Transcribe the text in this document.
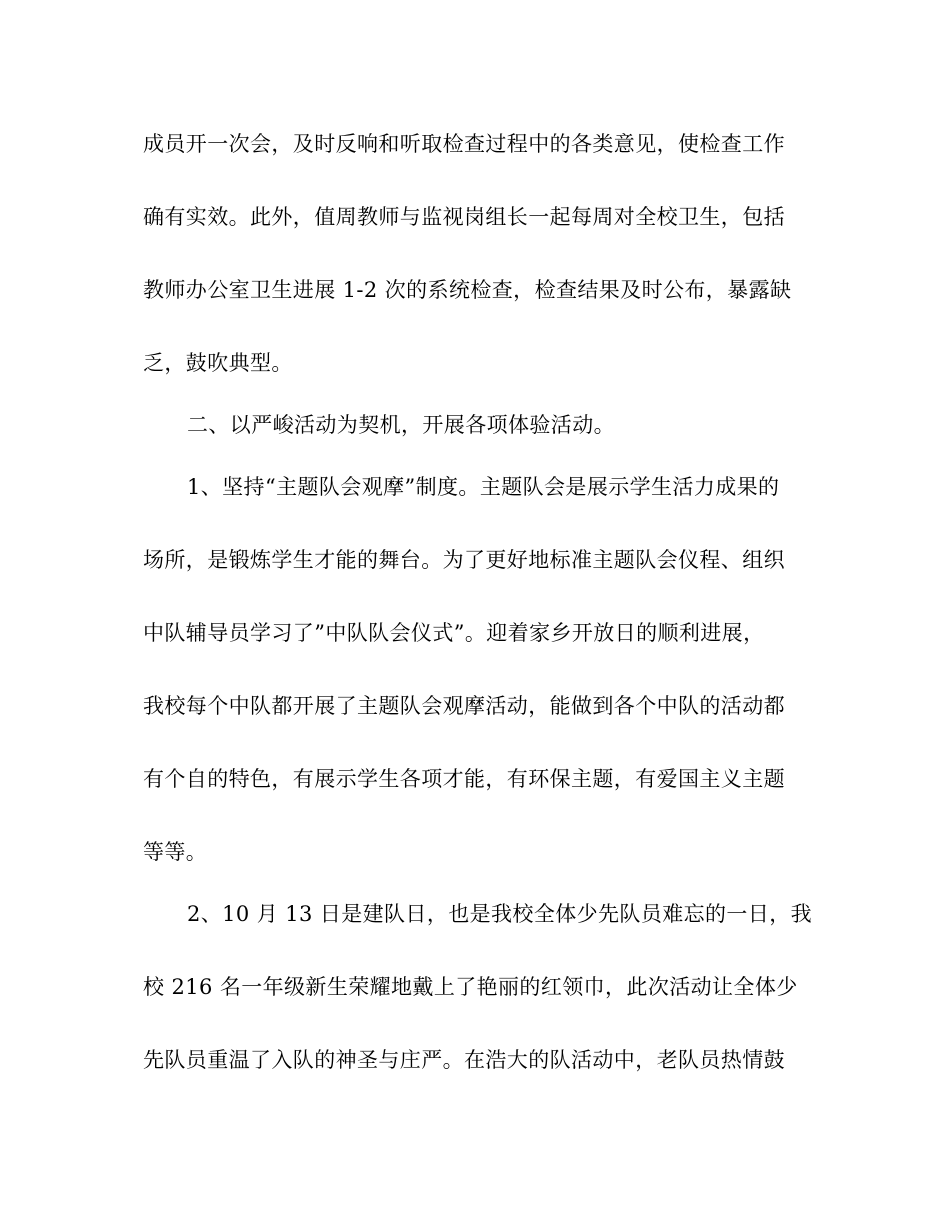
成员开一次会，及时反响和听取检查过程中的各类意见，使检查工作
确有实效。此外，值周教师与监视岗组长一起每周对全校卫生，包括
教师办公室卫生进展 1-2 次的系统检查，检查结果及时公布，暴露缺
乏，鼓吹典型。
二、以严峻活动为契机，开展各项体验活动。
1、坚持“主题队会观摩”制度。主题队会是展示学生活力成果的
场所，是锻炼学生才能的舞台。为了更好地标准主题队会仪程、组织
中队辅导员学习了”中队队会仪式”。迎着家乡开放日的顺利进展，
我校每个中队都开展了主题队会观摩活动，能做到各个中队的活动都
有个自的特色，有展示学生各项才能，有环保主题，有爱国主义主题
等等。
2、10 月 13 日是建队日，也是我校全体少先队员难忘的一日，我
校 216 名一年级新生荣耀地戴上了艳丽的红领巾，此次活动让全体少
先队员重温了入队的神圣与庄严。在浩大的队活动中，老队员热情鼓
